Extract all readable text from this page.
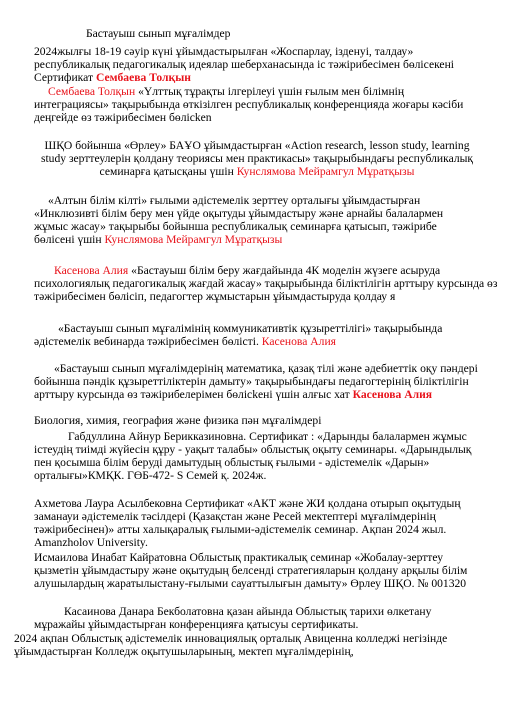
Бастауыш сынып мұғалімдер

2024жылғы 18-19 сәуір күні ұйымдастырылған «Жоспарлау, ізденуі, талдау» республикалық педагогикалық идеялар шеберханасында іс тәжірибесімен бөлісекені Сертификат Сембаева Толқын
Сембаева Толқын «Үлттық тұрақты ілгерілеуі үшін ғылым мен білімнің интеграциясы» тақырыбында өткізілген республикалық конференцияда жоғары кәсіби деңгейде өз тәжірибесімен бөлісken
ШҚО бойынша «Өрлеу» БАҰО ұйымдастырған «Action research, lesson study, learning study зерттеулерін қолдану теориясы мен практикасы» тақырыбындағы республикалық семинарға қатысқаны үшін Кунслямова Мейрамгул Мұратқызы
«Алтын білім кілті» ғылыми әдістемелік зерттеу орталығы ұйымдастырған «Инклюзивті білім беру мен үйде оқытуды ұйымдастыру және арнайы балалармен жұмыс жасау» тақырыбы бойынша республикалық семинарға қатысып, тәжірибе бөлісені үшін Кунслямова Мейрамгул Мұратқызы
Касенова Алия «Бастауыш білім беру жағдайында 4К моделін жүзеге асыруда психологиялық педагогикалық жағдай жасау» тақырыбында біліктілігін арттыру курсында өз тәжірибесімен бөлісіп, педагогтер жұмыстарын ұйымдастыруда қолдау я
«Бастауыш сынып мұғалімінің коммуникативтік құзыреттілігі» тақырыбында әдістемелік вебинарда тәжірибесімен бөлісті. Касенова Алия
«Бастауыш сынып мұғалімдерінің математика, қазақ тілі және әдебиеттік оқу пәндері бойынша пәндік құзыреттіліктерін дамыту» тақырыбындағы педагогтерінің біліктілігін арттыру курсында өз тәжірибелерімен бөлісkені үшін алғыс хат Касенова Алия

Биология, химия, география және физика пән мұғалімдері

Габдуллина Айнур Берикказиновна. Сертификат : «Дарынды балалармен жұмыс істеудің тиімді жүйесін құру - уақыт талабы» облыстық оқыту семинары. «Дарындылық пен қосымша білім беруді дамытудың облыстық ғылыми - әдістемелік «Дарын» орталығы»КМҚК. ГӨБ-472- S Семей қ. 2024ж.

Ахметова Лаура Асылбековна Сертификат «АКТ және ЖИ қолдана отырып оқытудың заманауи әдістемелік тәсілдері (Қазақстан және Ресей мектептері мұғалімдерінің тәжірибесінен)» атты халықаралық ғылыми-әдістемелік семинар. Ақпан 2024 жыл. Amanzholov University.

Исмаилова Инабат Кайратовна Облыстық практикалық семинар «Жобалау-зерттеу қызметін ұйымдастыру және оқытудың белсенді стратегияларын қолдану арқылы білім алушылардың жаратылыстану-ғылыми сауаттылығын дамыту» Өрлеу ШҚО. № 001320

Касаинова Данара Бекболатовна қазан айында Облыстық тарихи өлкетану мұражайы ұйымдастырған конференцияға қатысуы сертификаты.

2024 ақпан Облыстық әдістемелік инновациялық орталық Авиценна колледжі негізінде ұйымдастырған Колледж оқытушыларының, мектеп мұғалімдерінің,
